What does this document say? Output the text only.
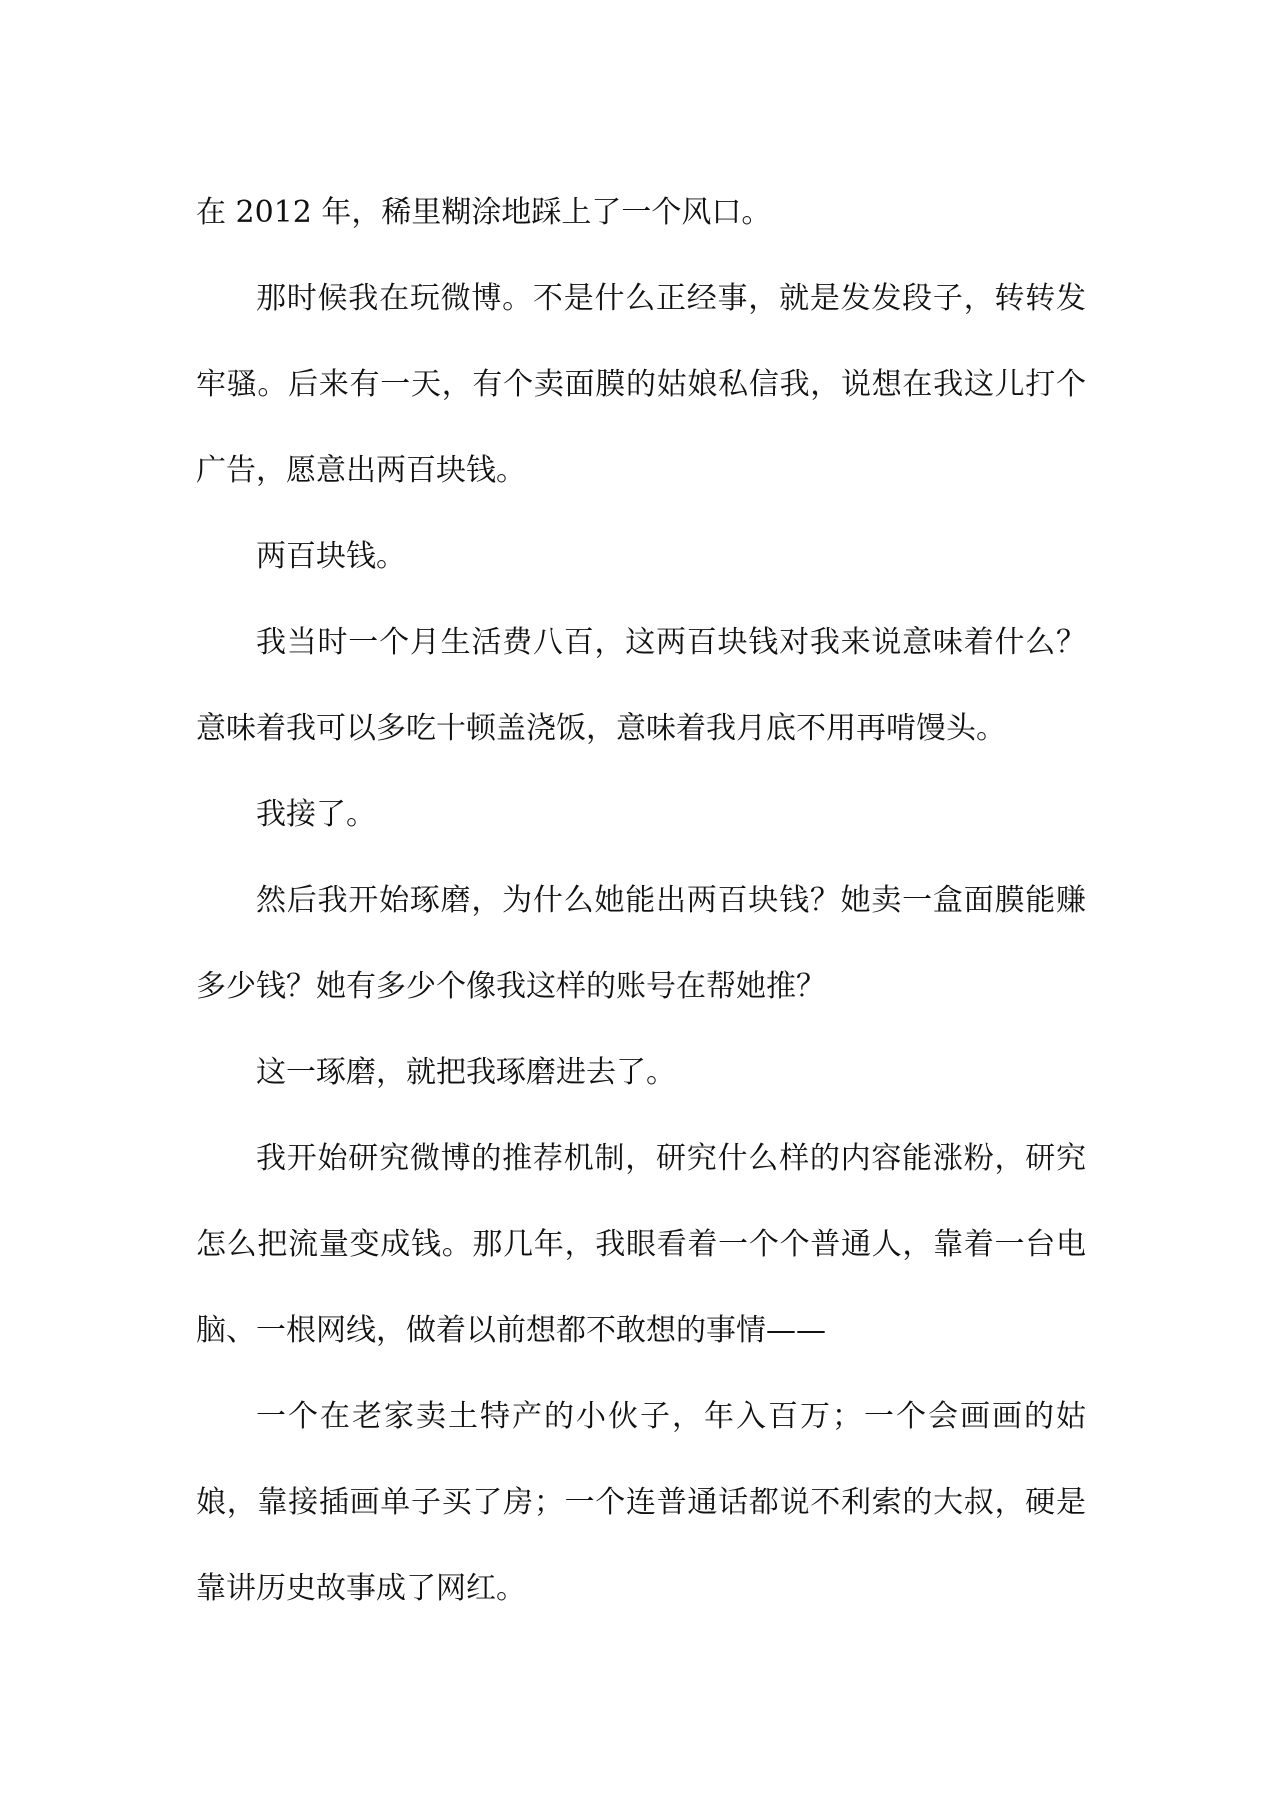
在 2012 年，稀里糊涂地踩上了一个风口。

那时候我在玩微博。不是什么正经事，就是发发段子，转转发牢骚。后来有一天，有个卖面膜的姑娘私信我，说想在我这儿打个广告，愿意出两百块钱。

两百块钱。

我当时一个月生活费八百，这两百块钱对我来说意味着什么？意味着我可以多吃十顿盖浇饭，意味着我月底不用再啃馒头。

我接了。

然后我开始琢磨，为什么她能出两百块钱？她卖一盒面膜能赚多少钱？她有多少个像我这样的账号在帮她推？

这一琢磨，就把我琢磨进去了。

我开始研究微博的推荐机制，研究什么样的内容能涨粉，研究怎么把流量变成钱。那几年，我眼看着一个个普通人，靠着一台电脑、一根网线，做着以前想都不敢想的事情——

一个在老家卖土特产的小伙子，年入百万；一个会画画的姑娘，靠接插画单子买了房；一个连普通话都说不利索的大叔，硬是靠讲历史故事成了网红。
